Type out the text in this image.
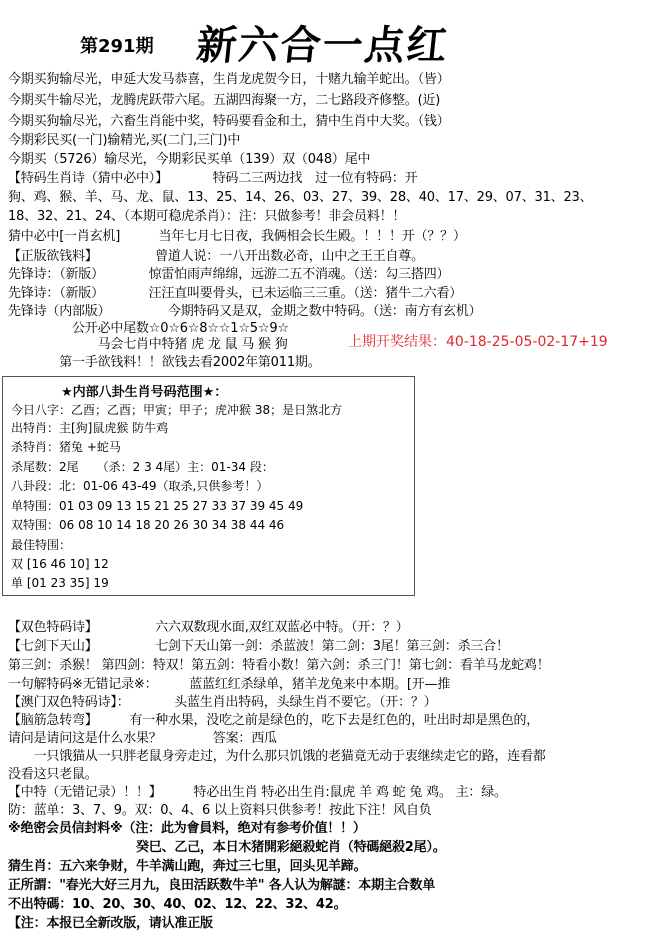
第291期 新六合一点红
今期买狗输尽光，申延大发马恭喜，生肖龙虎贺今日，十赌九输羊蛇出。（皆）
今期买牛输尽光，龙腾虎跃带六尾。五湖四海聚一方，二七路段齐修整。(近)
今期买狗输尽光，六畜生肖能中奖，特码要看金和土，猜中生肖中大奖。（钱）
今期彩民买(一门)输精光,买(二门,三门)中
今期买（5726）输尽光，今期彩民买单（139）双（048）尾中
【特码生肖诗（猜中必中）】　　　　特码二三两边找　过一位有特码：开
狗、鸡、猴、羊、马、龙、鼠、13、25、14、26、03、27、39、28、40、17、29、07、31、23、
18、32、21、24、（本期可稳虎杀肖）：注：只做参考！非会员料！！
猜中必中[一肖玄机]　　　当年七月七日夜，我俩相会长生殿。！！！开（？？）
【正版欲钱料】　　　　　曾道人说：一八开出数必奇，山中之王王自尊。
先锋诗：（新版）　　　　惊雷怕雨声绵绵，远游二五不消魂。（送：勾三搭四）
先锋诗：（新版）　　　　汪汪直叫要骨头，已未运临三三重。（送：猪牛二六看）
先锋诗（内部版）　　　　　今期特码又是双，金期之数中特码。（送：南方有玄机）
　　　　　公开必中尾数☆0☆6☆8☆☆1☆5☆9☆
　　　　　　　马会七肖中特猪 虎 龙 鼠 马 猴 狗
　　　　第一手欲钱料！！欲钱去看2002年第011期。
上期开奖结果：40-18-25-05-02-17+19
★内部八卦生肖号码范围★：
今日八字：乙酉；乙酉；甲寅；甲子；虎冲猴 38；是日煞北方
出特肖：主[狗]鼠虎猴 防牛鸡
杀特肖：猪兔 +蛇马
杀尾数：2尾　　（杀：2 3 4尾）主：01-34 段：
八卦段：北：01-06 43-49（取杀,只供参考！）
单特围：01 03 09 13 15 21 25 27 33 37 39 45 49
双特围：06 08 10 14 18 20 26 30 34 38 44 46
最佳特围：
双 [16 46 10] 12
单 [01 23 35] 19
【双色特码诗】　　　　　六六双数现水面,双红双蓝必中特。（开：？）
【七剑下天山】　　　　　七剑下天山第一剑：杀蓝波！第二剑：3尾！第三剑：杀三合！
第三剑：杀猴！ 第四剑：特双！第五剑：特看小数！第六剑：杀三门！第七剑：看羊马龙蛇鸡！
一句解特码※无错记录※：　　　蓝蓝红红杀绿单，猪羊龙兔来中本期。[开—推
【澳门双色特码诗】：　　　　头蓝生肖出特码，头绿生肖不要它。（开：？）
【脑筋急转弯】　　　有一种水果，没吃之前是绿色的，吃下去是红色的，吐出时却是黑色的，
请问是请问这是什么水果？　　　　答案：西瓜
　　一只饿猫从一只胖老鼠身旁走过，为什么那只饥饿的老猫竟无动于衷继续走它的路，连看都
没看这只老鼠。
【中特（无错记录）！！】　　　特必出生肖 特必出生肖:鼠虎 羊 鸡 蛇 兔 鸡。 主：绿。
防：蓝单：3、7、9。双：0、4、6 以上资料只供参考！按此下注！风自负
※绝密会员信封料※（注：此为會員料，绝对有参考价值！！）
　　　　　　　　　　癸巳、乙己，本日木猪開彩絕殺蛇肖（特碼絕殺2尾）。
猜生肖：五六来争财，牛羊满山跑，奔过三七里，回头见羊蹄。
正所謂："春光大好三月九，良田活跃数牛羊" 各人认为解謎：本期主合数单
不出特碼：10、20、30、40、02、12、22、32、42。
【注：本报已全新改版，请认准正版
